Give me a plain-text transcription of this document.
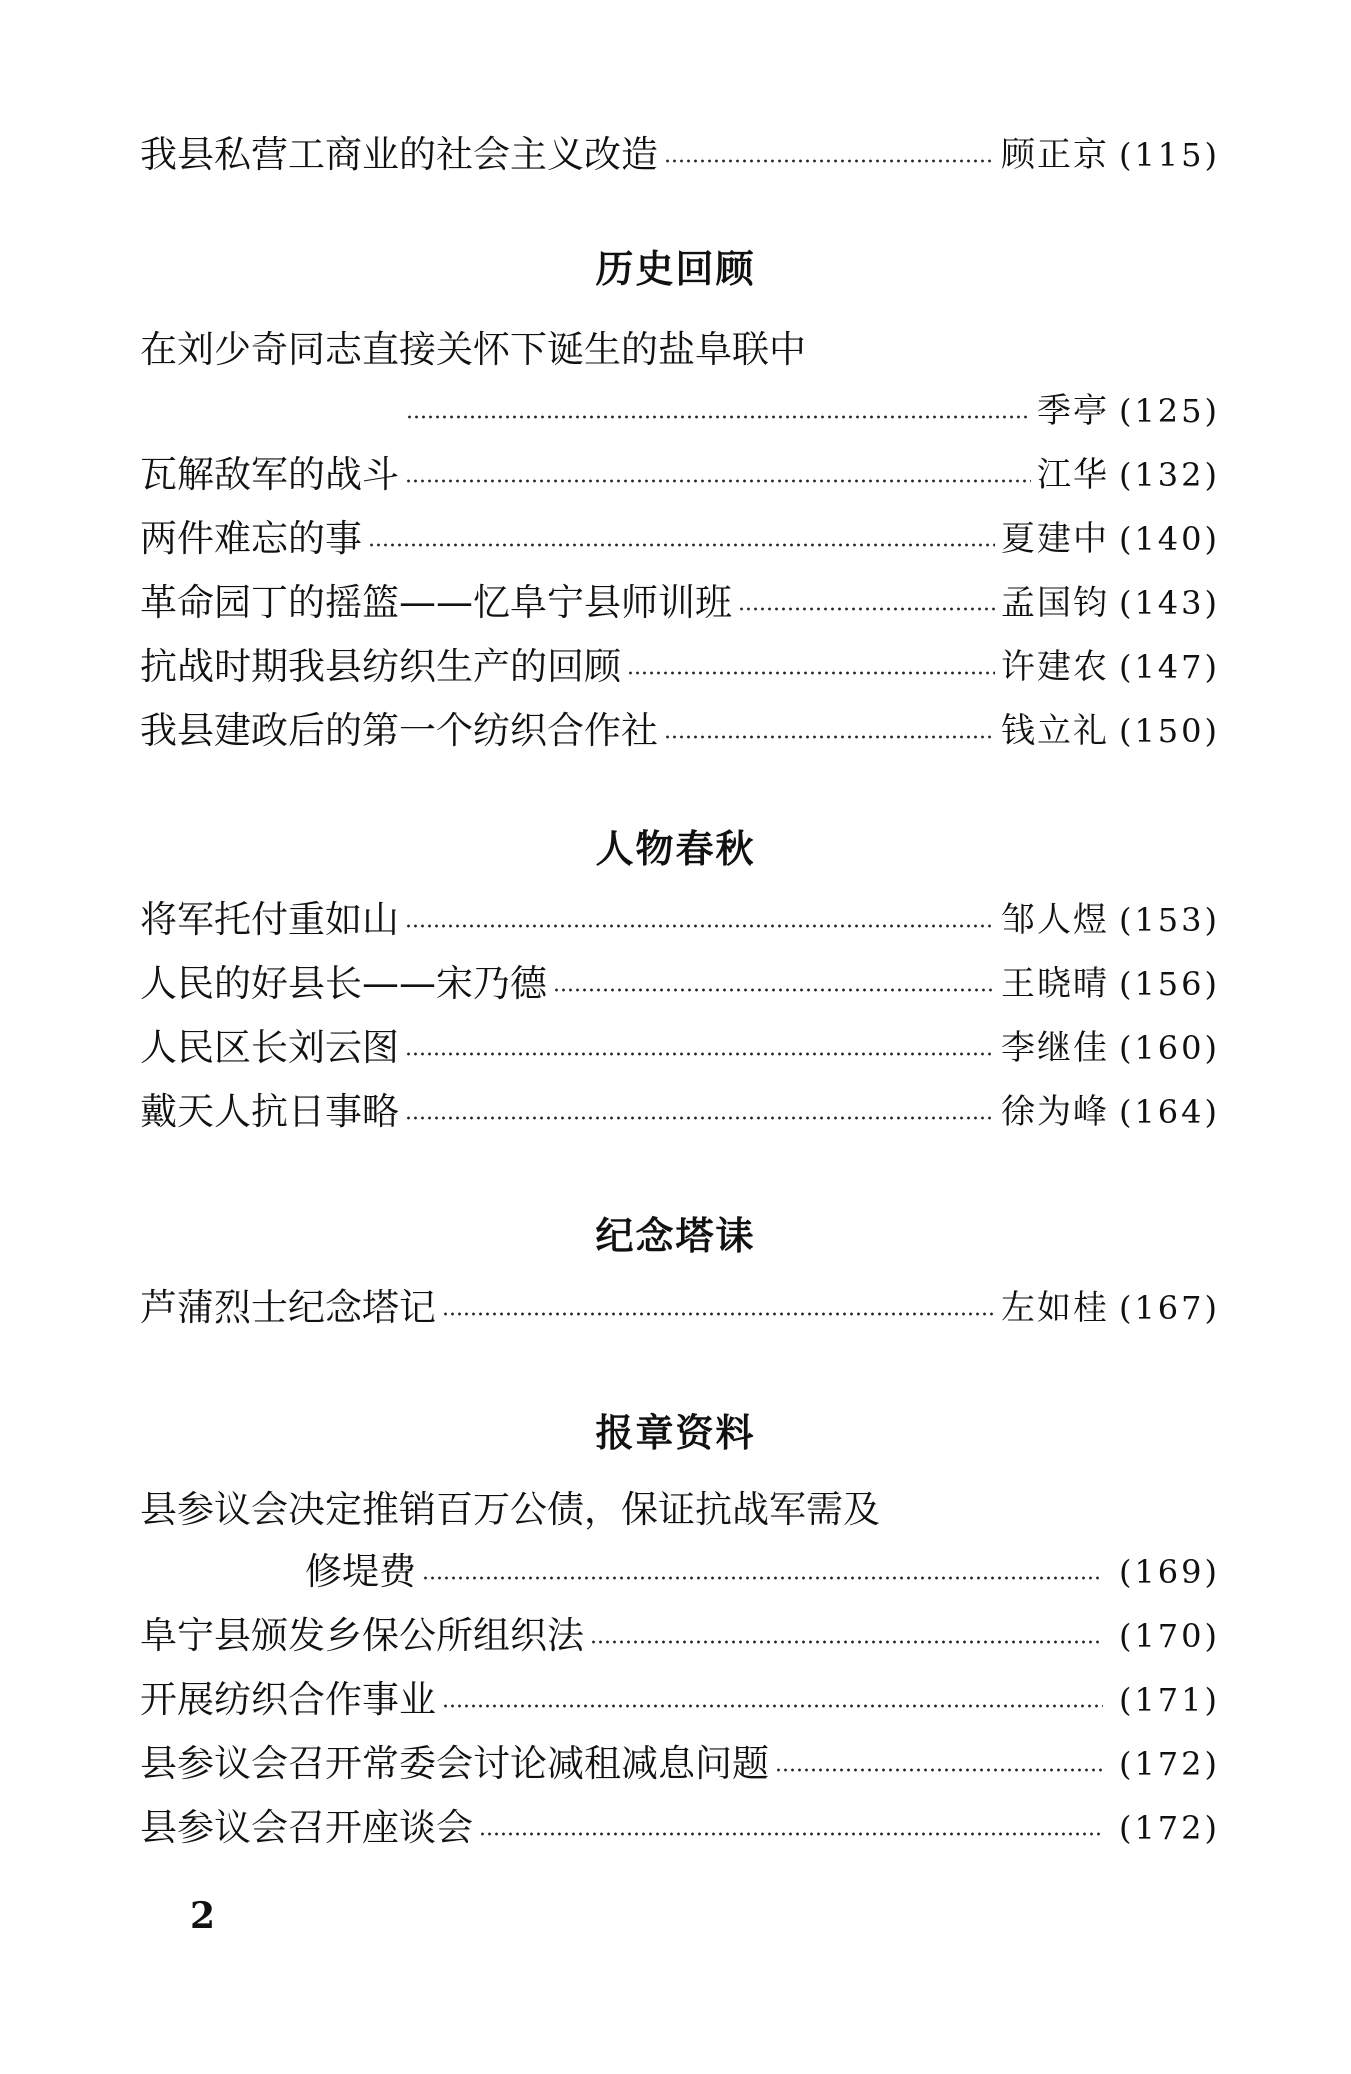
我县私营工商业的社会主义改造	顾正京 (115)
历史回顾
在刘少奇同志直接关怀下诞生的盐阜联中
季亭 (125)
瓦解敌军的战斗	江华 (132)
两件难忘的事	夏建中 (140)
革命园丁的摇篮——忆阜宁县师训班	孟国钧 (143)
抗战时期我县纺织生产的回顾	许建农 (147)
我县建政后的第一个纺织合作社	钱立礼 (150)
人物春秋
将军托付重如山	邹人煜 (153)
人民的好县长——宋乃德	王晓晴 (156)
人民区长刘云图	李继佳 (160)
戴天人抗日事略	徐为峰 (164)
纪念塔诔
芦蒲烈士纪念塔记	左如桂 (167)
报章资料
县参议会决定推销百万公债，保证抗战军需及
修堤费	(169)
阜宁县颁发乡保公所组织法	(170)
开展纺织合作事业	(171)
县参议会召开常委会讨论减租减息问题	(172)
县参议会召开座谈会	(172)
2
